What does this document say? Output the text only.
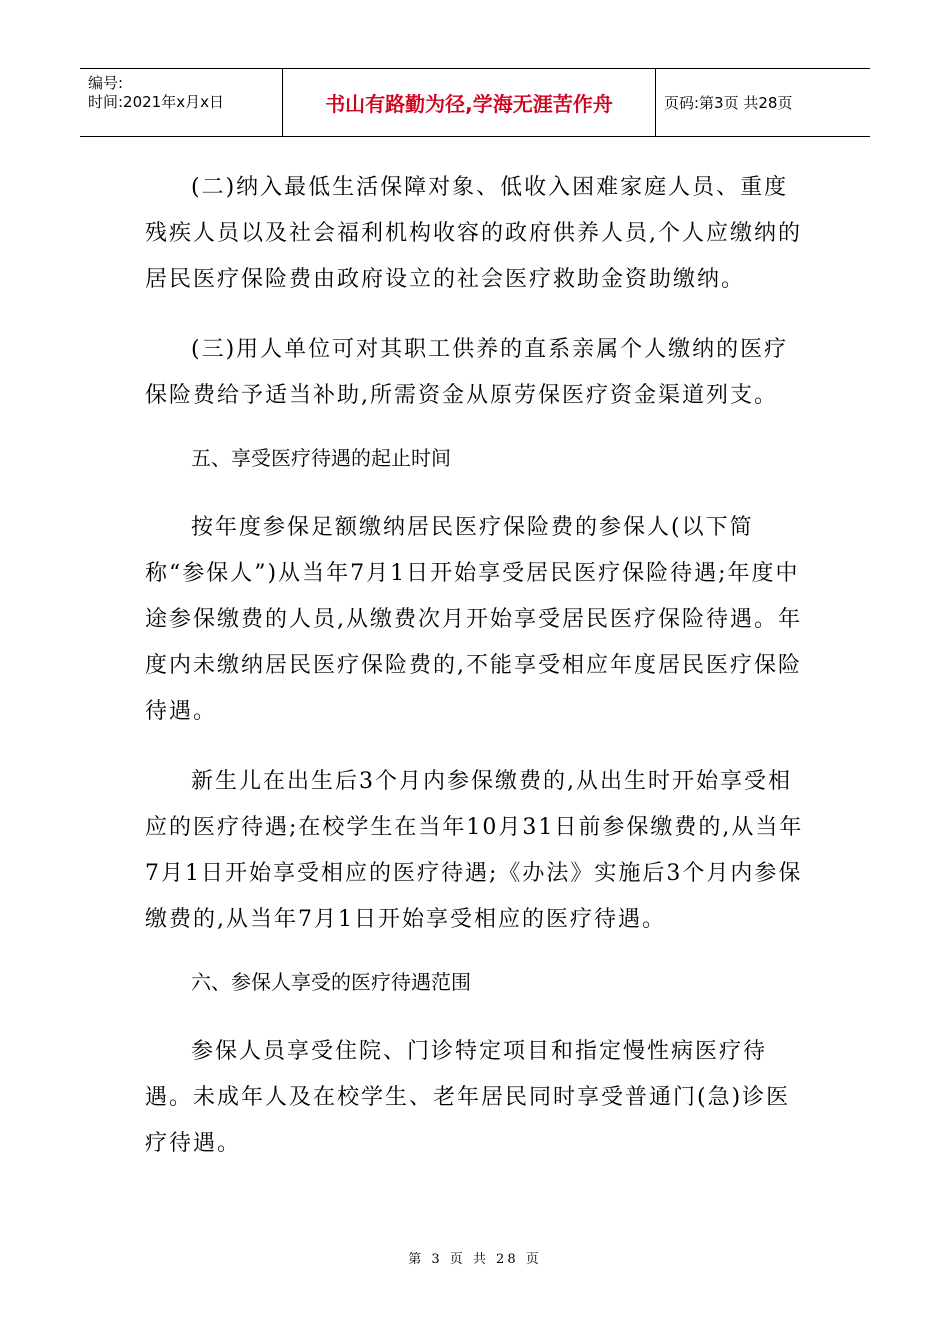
编号:
时间:2021年x月x日	书山有路勤为径,学海无涯苦作舟	页码:第3页 共28页

(二)纳入最低生活保障对象、低收入困难家庭人员、重度残疾人员以及社会福利机构收容的政府供养人员,个人应缴纳的居民医疗保险费由政府设立的社会医疗救助金资助缴纳。

(三)用人单位可对其职工供养的直系亲属个人缴纳的医疗保险费给予适当补助,所需资金从原劳保医疗资金渠道列支。

五、享受医疗待遇的起止时间

按年度参保足额缴纳居民医疗保险费的参保人(以下简称“参保人”)从当年7月1日开始享受居民医疗保险待遇;年度中途参保缴费的人员,从缴费次月开始享受居民医疗保险待遇。年度内未缴纳居民医疗保险费的,不能享受相应年度居民医疗保险待遇。

新生儿在出生后3个月内参保缴费的,从出生时开始享受相应的医疗待遇;在校学生在当年10月31日前参保缴费的,从当年7月1日开始享受相应的医疗待遇;《办法》实施后3个月内参保缴费的,从当年7月1日开始享受相应的医疗待遇。

六、参保人享受的医疗待遇范围

参保人员享受住院、门诊特定项目和指定慢性病医疗待遇。未成年人及在校学生、老年居民同时享受普通门(急)诊医疗待遇。

第 3 页 共 28 页
